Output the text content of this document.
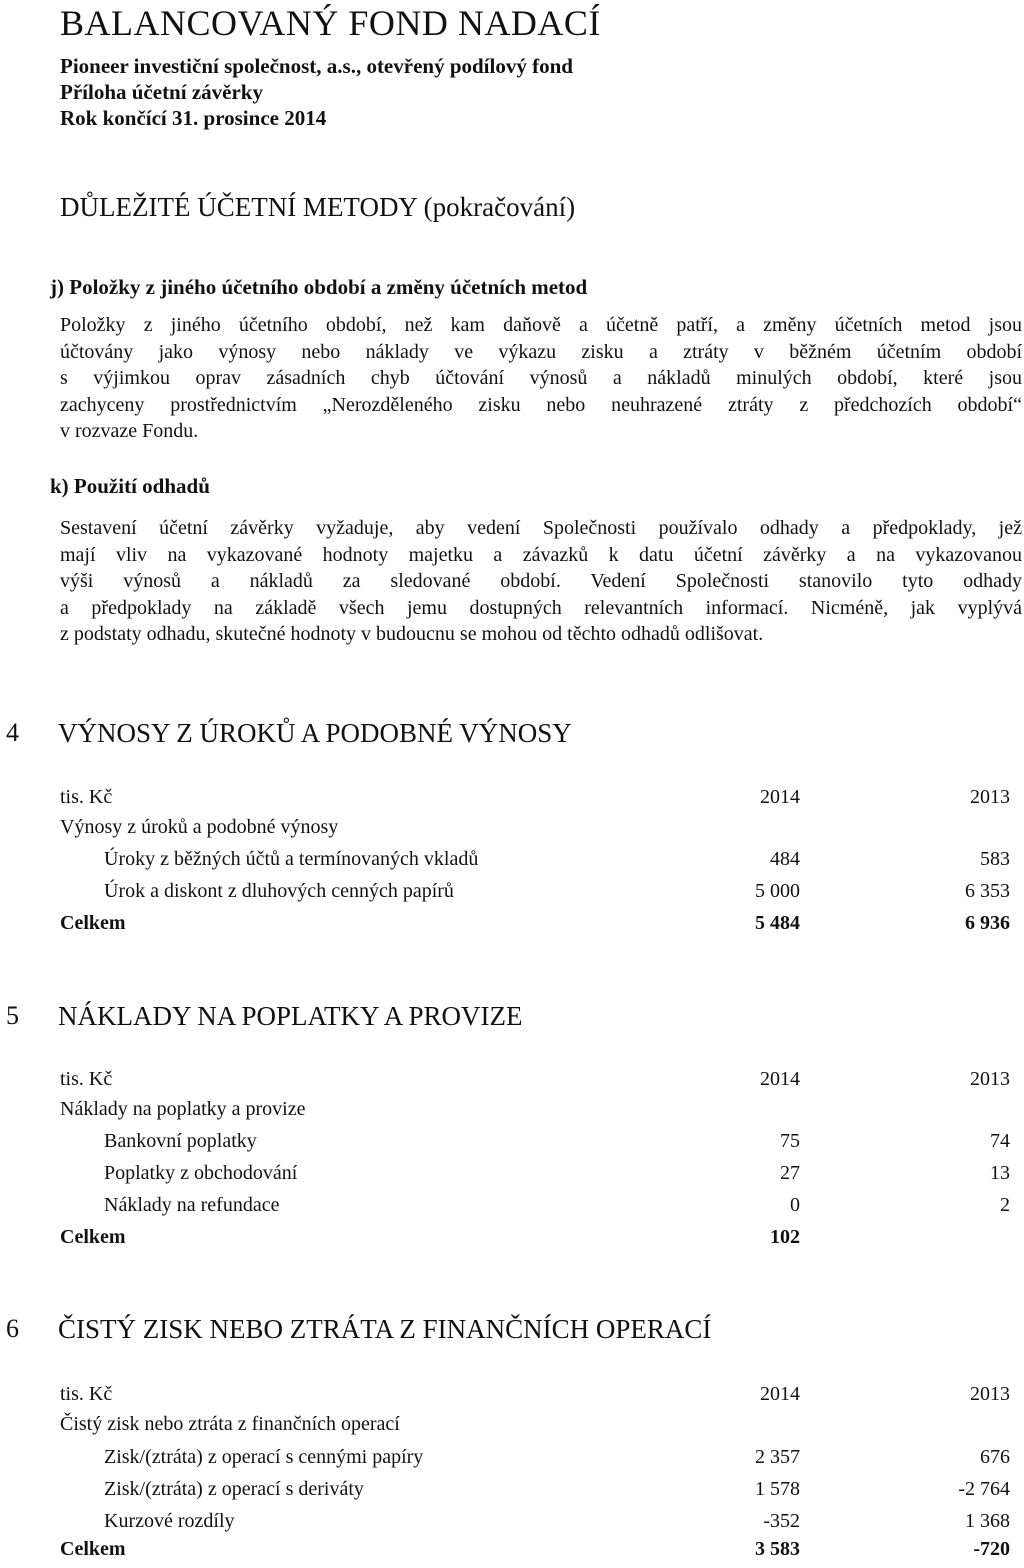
BALANCOVANÝ FOND NADACÍ
Pioneer investiční společnost, a.s., otevřený podílový fond
Příloha účetní závěrky
Rok končící 31. prosince 2014
DŮLEŽITÉ ÚČETNÍ METODY (pokračování)
j) Položky z jiného účetního období a změny účetních metod
Položky z jiného účetního období, než kam daňově a účetně patří, a změny účetních metod jsou
účtovány jako výnosy nebo náklady ve výkazu zisku a ztráty v běžném účetním období
s výjimkou oprav zásadních chyb účtování výnosů a nákladů minulých období, které jsou
zachyceny prostřednictvím „Nerozděleného zisku nebo neuhrazené ztráty z předchozích období“
v rozvaze Fondu.
k) Použití odhadů
Sestavení účetní závěrky vyžaduje, aby vedení Společnosti používalo odhady a předpoklady, jež
mají vliv na vykazované hodnoty majetku a závazků k datu účetní závěrky a na vykazovanou
výši výnosů a nákladů za sledované období. Vedení Společnosti stanovilo tyto odhady
a předpoklady na základě všech jemu dostupných relevantních informací. Nicméně, jak vyplývá
z podstaty odhadu, skutečné hodnoty v budoucnu se mohou od těchto odhadů odlišovat.
4 VÝNOSY Z ÚROKŮ A PODOBNÉ VÝNOSY
tis. Kč	2014	2013
Výnosy z úroků a podobné výnosy
Úroky z běžných účtů a termínovaných vkladů	484	583
Úrok a diskont z dluhových cenných papírů	5 000	6 353
Celkem	5 484	6 936
5 NÁKLADY NA POPLATKY A PROVIZE
tis. Kč	2014	2013
Náklady na poplatky a provize
Bankovní poplatky	75	74
Poplatky z obchodování	27	13
Náklady na refundace	0	2
Celkem	102
6 ČISTÝ ZISK NEBO ZTRÁTA Z FINANČNÍCH OPERACÍ
tis. Kč	2014	2013
Čistý zisk nebo ztráta z finančních operací
Zisk/(ztráta) z operací s cennými papíry	2 357	676
Zisk/(ztráta) z operací s deriváty	1 578	-2 764
Kurzové rozdíly	-352	1 368
Celkem	3 583	-720
